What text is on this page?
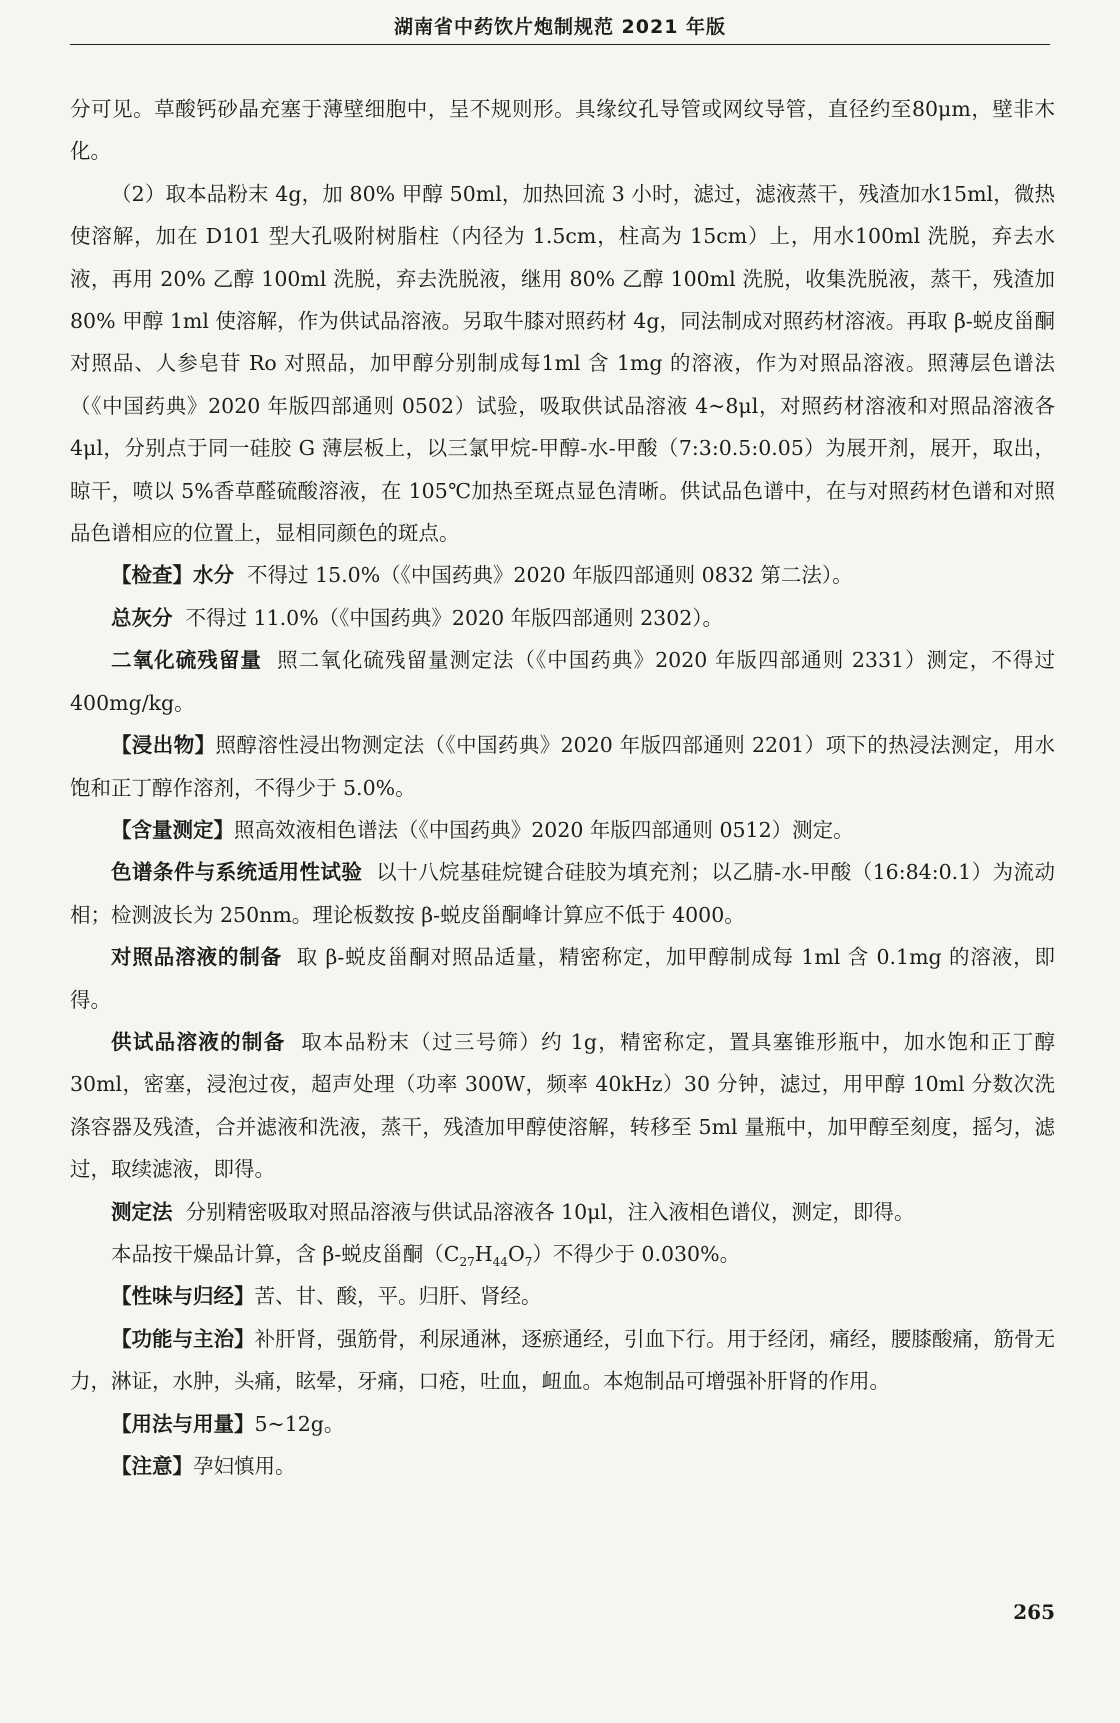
湖南省中药饮片炮制规范 2021 年版

分可见。草酸钙砂晶充塞于薄壁细胞中，呈不规则形。具缘纹孔导管或网纹导管，直径约至80μm，壁非木化。

（2）取本品粉末 4g，加 80% 甲醇 50ml，加热回流 3 小时，滤过，滤液蒸干，残渣加水15ml，微热使溶解，加在 D101 型大孔吸附树脂柱（内径为 1.5cm，柱高为 15cm）上，用水100ml 洗脱，弃去水液，再用 20% 乙醇 100ml 洗脱，弃去洗脱液，继用 80% 乙醇 100ml 洗脱，收集洗脱液，蒸干，残渣加 80% 甲醇 1ml 使溶解，作为供试品溶液。另取牛膝对照药材 4g，同法制成对照药材溶液。再取 β-蜕皮甾酮对照品、人参皂苷 Ro 对照品，加甲醇分别制成每1ml 含 1mg 的溶液，作为对照品溶液。照薄层色谱法（《中国药典》2020 年版四部通则 0502）试验，吸取供试品溶液 4~8μl，对照药材溶液和对照品溶液各 4μl，分别点于同一硅胶 G 薄层板上，以三氯甲烷-甲醇-水-甲酸（7:3:0.5:0.05）为展开剂，展开，取出，晾干，喷以 5%香草醛硫酸溶液，在 105℃加热至斑点显色清晰。供试品色谱中，在与对照药材色谱和对照品色谱相应的位置上，显相同颜色的斑点。

【检查】水分 不得过 15.0%（《中国药典》2020 年版四部通则 0832 第二法）。

总灰分 不得过 11.0%（《中国药典》2020 年版四部通则 2302）。

二氧化硫残留量 照二氧化硫残留量测定法（《中国药典》2020 年版四部通则 2331）测定，不得过 400mg/kg。

【浸出物】照醇溶性浸出物测定法（《中国药典》2020 年版四部通则 2201）项下的热浸法测定，用水饱和正丁醇作溶剂，不得少于 5.0%。

【含量测定】照高效液相色谱法（《中国药典》2020 年版四部通则 0512）测定。

色谱条件与系统适用性试验 以十八烷基硅烷键合硅胶为填充剂；以乙腈-水-甲酸（16:84:0.1）为流动相；检测波长为 250nm。理论板数按 β-蜕皮甾酮峰计算应不低于 4000。

对照品溶液的制备 取 β-蜕皮甾酮对照品适量，精密称定，加甲醇制成每 1ml 含 0.1mg 的溶液，即得。

供试品溶液的制备 取本品粉末（过三号筛）约 1g，精密称定，置具塞锥形瓶中，加水饱和正丁醇 30ml，密塞，浸泡过夜，超声处理（功率 300W，频率 40kHz）30 分钟，滤过，用甲醇 10ml 分数次洗涤容器及残渣，合并滤液和洗液，蒸干，残渣加甲醇使溶解，转移至 5ml 量瓶中，加甲醇至刻度，摇匀，滤过，取续滤液，即得。

测定法 分别精密吸取对照品溶液与供试品溶液各 10μl，注入液相色谱仪，测定，即得。

本品按干燥品计算，含 β-蜕皮甾酮$(C_{27}H_{44}O_7)$不得少于 0.030%。

【性味与归经】苦、甘、酸，平。归肝、肾经。

【功能与主治】补肝肾，强筋骨，利尿通淋，逐瘀通经，引血下行。用于经闭，痛经，腰膝酸痛，筋骨无力，淋证，水肿，头痛，眩晕，牙痛，口疮，吐血，衄血。本炮制品可增强补肝肾的作用。

【用法与用量】5~12g。

【注意】孕妇慎用。

265
